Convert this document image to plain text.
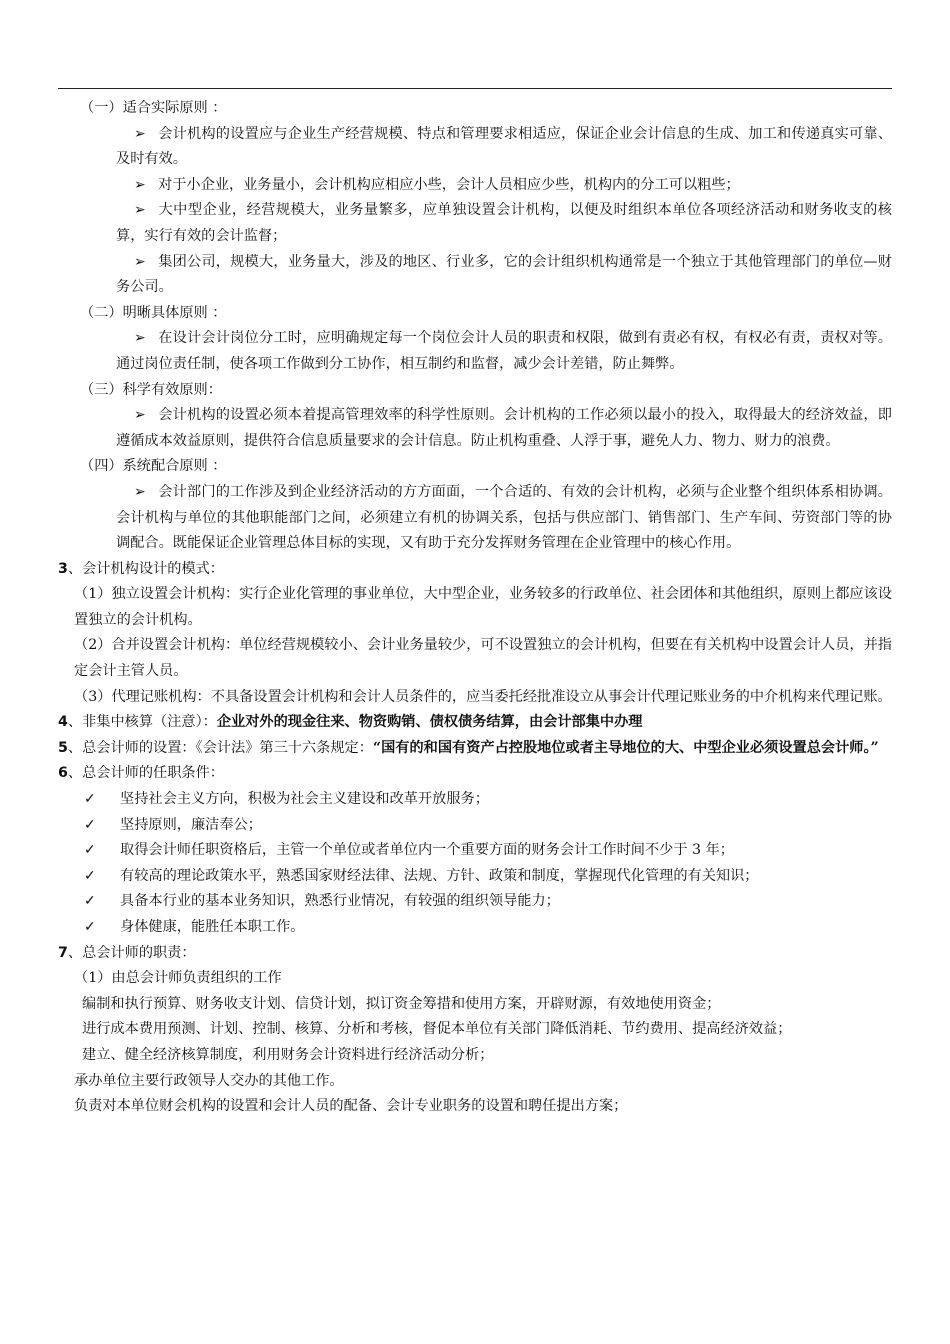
（一）适合实际原则 ：
➢ 会计机构的设置应与企业生产经营规模、特点和管理要求相适应，保证企业会计信息的生成、加工和传递真实可靠、及时有效。
➢ 对于小企业，业务量小，会计机构应相应小些，会计人员相应少些，机构内的分工可以粗些；
➢ 大中型企业，经营规模大，业务量繁多，应单独设置会计机构，以便及时组织本单位各项经济活动和财务收支的核算，实行有效的会计监督；
➢ 集团公司，规模大，业务量大，涉及的地区、行业多，它的会计组织机构通常是一个独立于其他管理部门的单位—财务公司。
（二）明晰具体原则 ：
➢ 在设计会计岗位分工时，应明确规定每一个岗位会计人员的职责和权限，做到有责必有权，有权必有责，责权对等。通过岗位责任制，使各项工作做到分工协作，相互制约和监督，减少会计差错，防止舞弊。
（三）科学有效原则：
➢ 会计机构的设置必须本着提高管理效率的科学性原则。会计机构的工作必须以最小的投入，取得最大的经济效益，即遵循成本效益原则，提供符合信息质量要求的会计信息。防止机构重叠、人浮于事，避免人力、物力、财力的浪费。
（四）系统配合原则 ：
➢ 会计部门的工作涉及到企业经济活动的方方面面，一个合适的、有效的会计机构，必须与企业整个组织体系相协调。会计机构与单位的其他职能部门之间，必须建立有机的协调关系，包括与供应部门、销售部门、生产车间、劳资部门等的协调配合。既能保证企业管理总体目标的实现，又有助于充分发挥财务管理在企业管理中的核心作用。
3、会计机构设计的模式：
（1）独立设置会计机构：实行企业化管理的事业单位，大中型企业，业务较多的行政单位、社会团体和其他组织，原则上都应该设置独立的会计机构。
（2）合并设置会计机构：单位经营规模较小、会计业务量较少，可不设置独立的会计机构，但要在有关机构中设置会计人员，并指定会计主管人员。
（3）代理记账机构：不具备设置会计机构和会计人员条件的，应当委托经批准设立从事会计代理记账业务的中介机构来代理记账。
4、非集中核算（注意）：企业对外的现金往来、物资购销、债权债务结算，由会计部集中办理
5、总会计师的设置：《会计法》第三十六条规定：“国有的和国有资产占控股地位或者主导地位的大、中型企业必须设置总会计师。”
6、总会计师的任职条件：
✓ 坚持社会主义方向，积极为社会主义建设和改革开放服务；
✓ 坚持原则，廉洁奉公；
✓ 取得会计师任职资格后，主管一个单位或者单位内一个重要方面的财务会计工作时间不少于 3 年；
✓ 有较高的理论政策水平，熟悉国家财经法律、法规、方针、政策和制度，掌握现代化管理的有关知识；
✓ 具备本行业的基本业务知识，熟悉行业情况，有较强的组织领导能力；
✓ 身体健康，能胜任本职工作。
7、总会计师的职责：
（1）由总会计师负责组织的工作
编制和执行预算、财务收支计划、信贷计划，拟订资金筹措和使用方案，开辟财源，有效地使用资金；
进行成本费用预测、计划、控制、核算、分析和考核，督促本单位有关部门降低消耗、节约费用、提高经济效益；
建立、健全经济核算制度，利用财务会计资料进行经济活动分析；
承办单位主要行政领导人交办的其他工作。
负责对本单位财会机构的设置和会计人员的配备、会计专业职务的设置和聘任提出方案；
